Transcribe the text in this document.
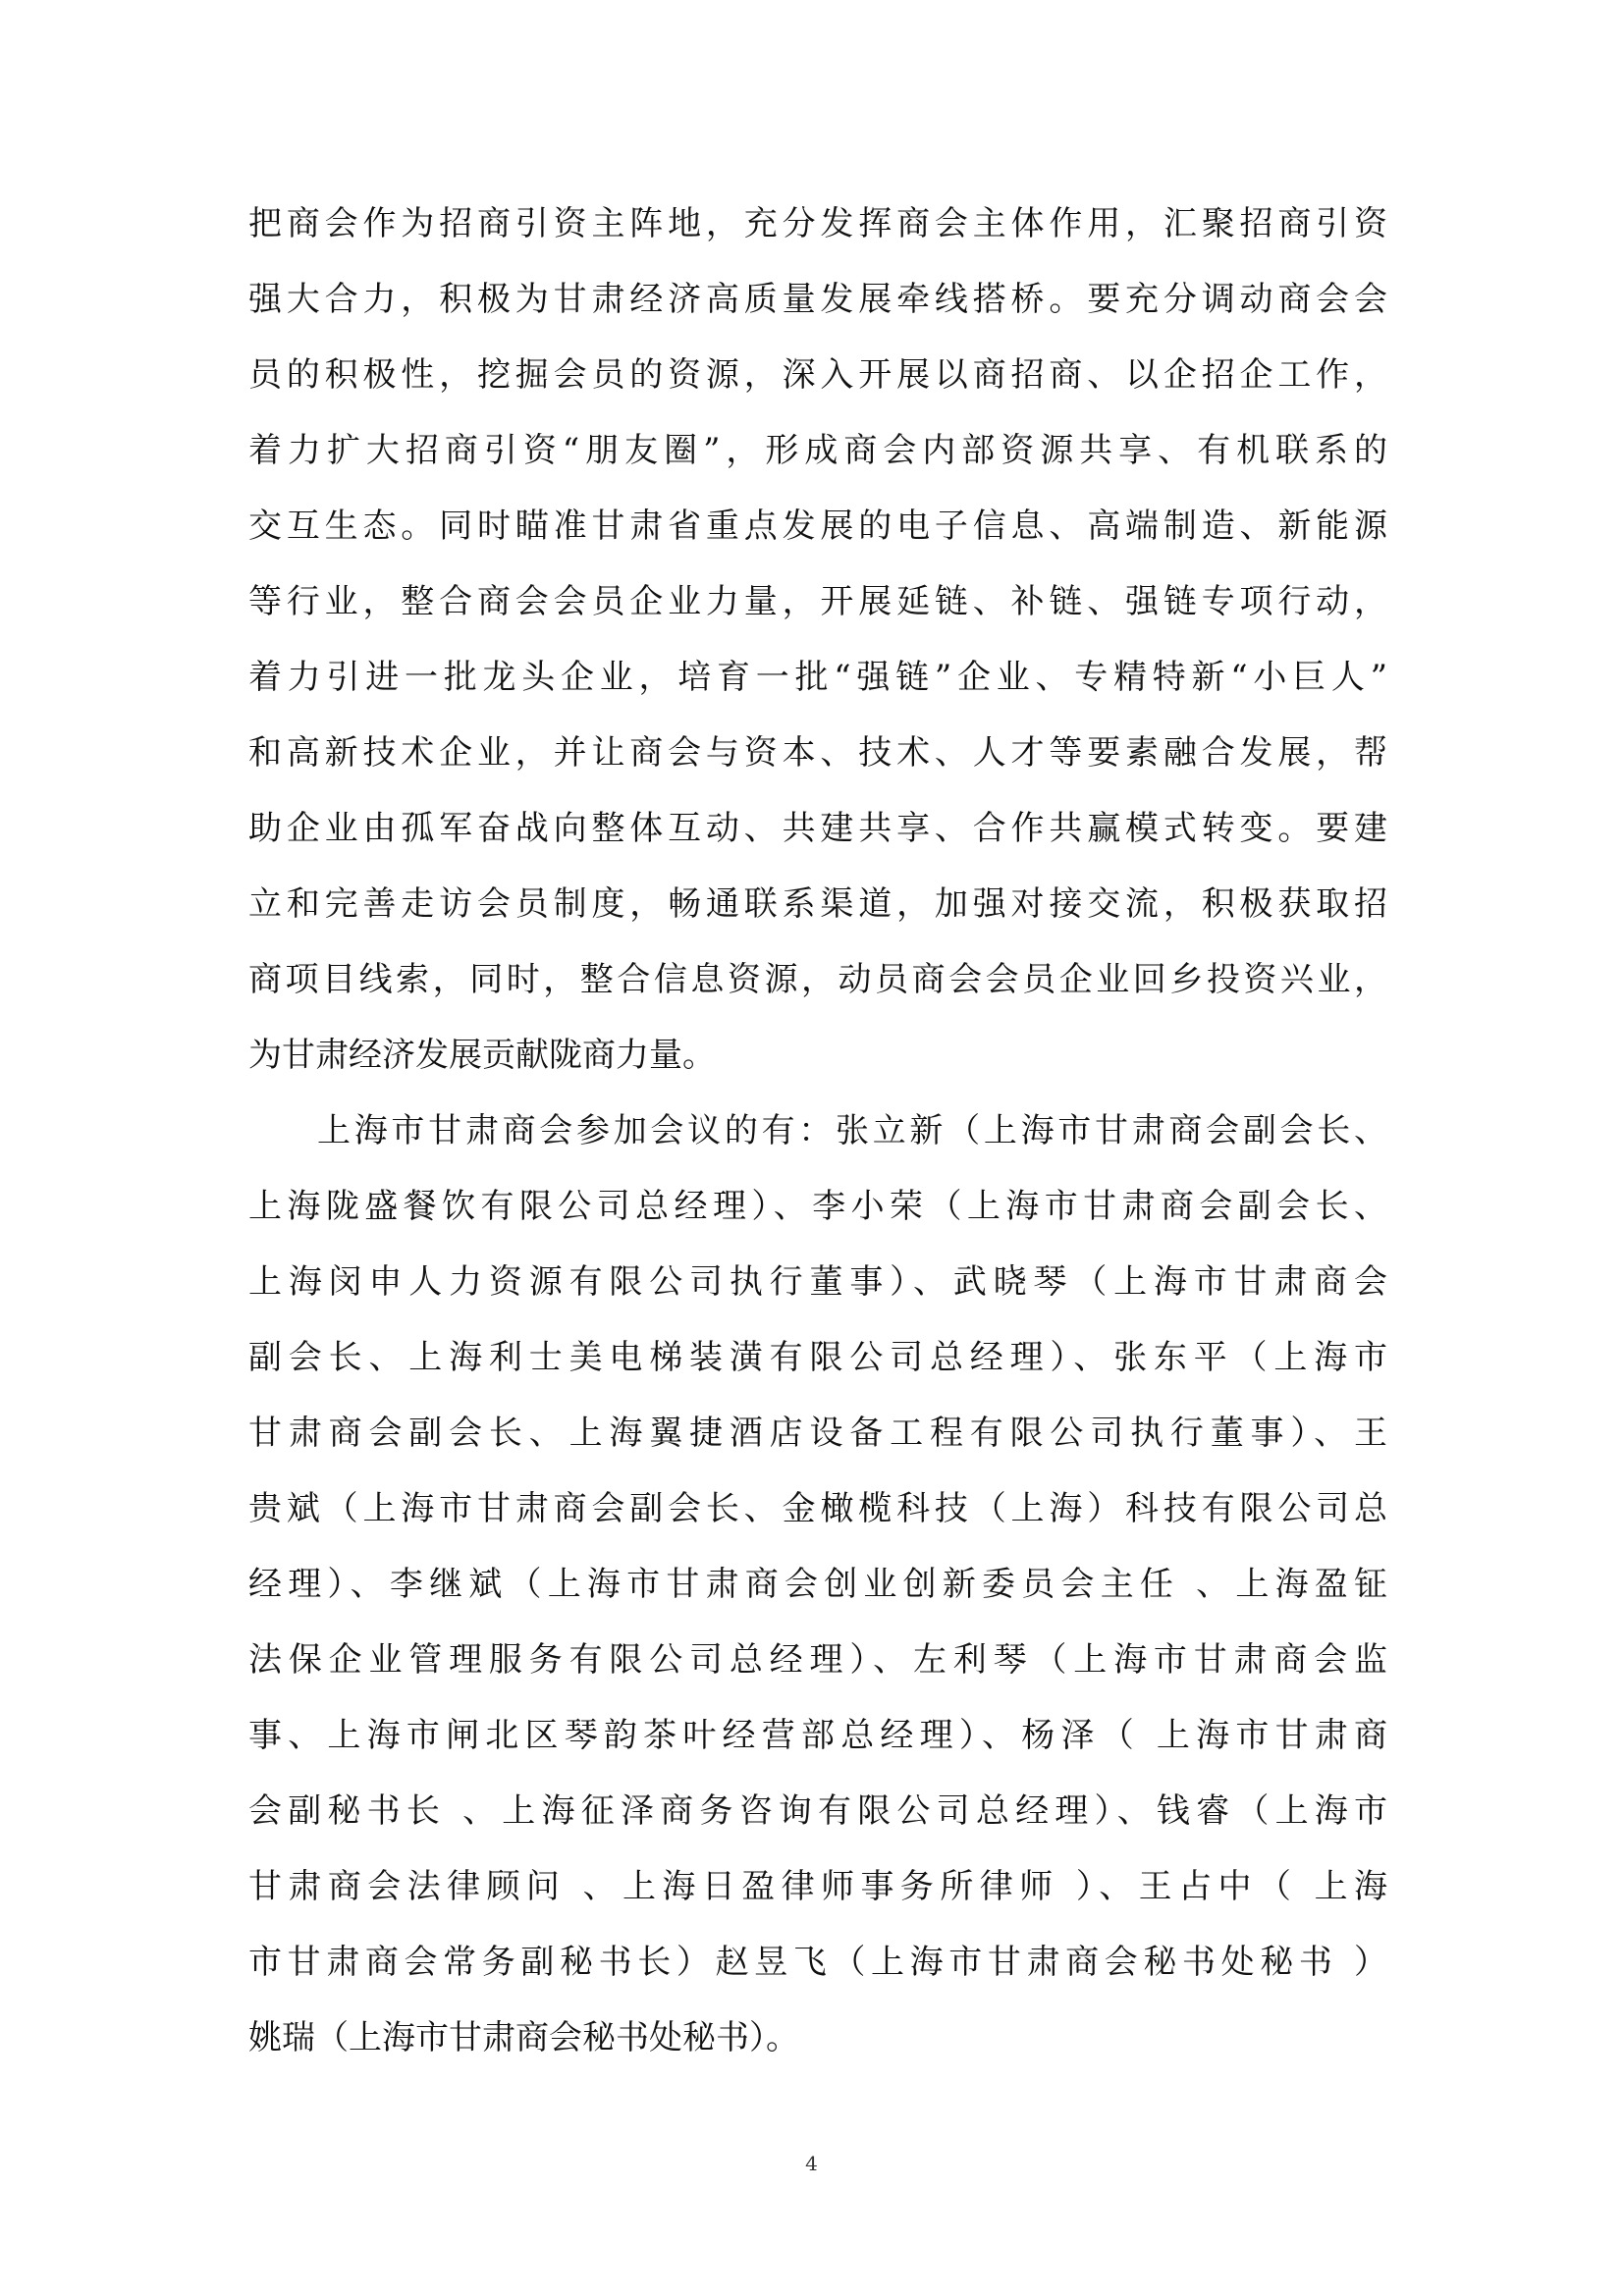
把商会作为招商引资主阵地，充分发挥商会主体作用，汇聚招商引资
强大合力，积极为甘肃经济高质量发展牵线搭桥。要充分调动商会会
员的积极性，挖掘会员的资源，深入开展以商招商、以企招企工作，
着力扩大招商引资“朋友圈”，形成商会内部资源共享、有机联系的
交互生态。同时瞄准甘肃省重点发展的电子信息、高端制造、新能源
等行业，整合商会会员企业力量，开展延链、补链、强链专项行动，
着力引进一批龙头企业，培育一批“强链”企业、专精特新“小巨人”
和高新技术企业，并让商会与资本、技术、人才等要素融合发展，帮
助企业由孤军奋战向整体互动、共建共享、合作共赢模式转变。要建
立和完善走访会员制度，畅通联系渠道，加强对接交流，积极获取招
商项目线索，同时，整合信息资源，动员商会会员企业回乡投资兴业，
为甘肃经济发展贡献陇商力量。
上海市甘肃商会参加会议的有：张立新（上海市甘肃商会副会长、
上海陇盛餐饮有限公司总经理）、李小荣（上海市甘肃商会副会长、
上海闵申人力资源有限公司执行董事）、武晓琴（上海市甘肃商会
副会长、上海利士美电梯装潢有限公司总经理）、张东平（上海市
甘肃商会副会长、上海翼捷酒店设备工程有限公司执行董事）、王
贵斌（上海市甘肃商会副会长、金橄榄科技（上海）科技有限公司总
经理）、李继斌（上海市甘肃商会创业创新委员会主任 、上海盈钲
法保企业管理服务有限公司总经理）、左利琴（上海市甘肃商会监
事、上海市闸北区琴韵茶叶经营部总经理）、杨泽（ 上海市甘肃商
会副秘书长 、上海征泽商务咨询有限公司总经理）、钱睿（上海市
甘肃商会法律顾问 、上海日盈律师事务所律师 ）、王占中（ 上海
市甘肃商会常务副秘书长）赵昱飞（上海市甘肃商会秘书处秘书 ）
姚瑞（上海市甘肃商会秘书处秘书）。
4
